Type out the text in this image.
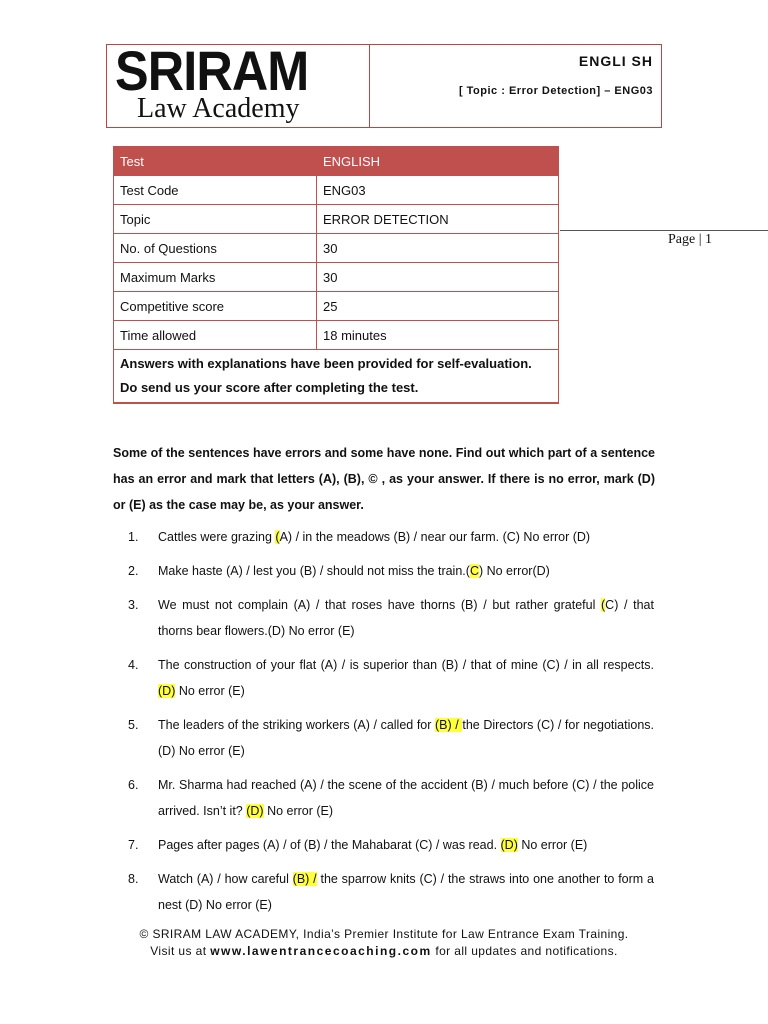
SRIRAM
Law Academy
ENGLI SH
[ Topic : Error Detection] – ENG03
Page | 1
Test	ENGLISH
Test Code	ENG03
Topic	ERROR DETECTION
No. of Questions	30
Maximum Marks	30
Competitive score	25
Time allowed	18 minutes

Answers with explanations have been provided for self-evaluation.
Do send us your score after completing the test.	
Some of the sentences have errors and some have none. Find out which part of a sentence has an error and mark that letters (A), (B), © , as your answer. If there is no error, mark (D) or (E) as the case may be, as your answer.
1.	Cattles were grazing (A) / in the meadows (B) / near our farm. (C) No error (D)
2.	Make haste (A) / lest you (B) / should not miss the train.(C) No error(D)
3.	We must not complain (A) / that roses have thorns (B) / but rather grateful (C) / that thorns bear flowers.(D) No error (E)
4.	The construction of your flat (A) / is superior than (B) / that of mine (C) / in all respects. (D) No error (E)
5.	The leaders of the striking workers (A) / called for (B) / the Directors (C) / for negotiations. (D) No error (E)
6.	Mr. Sharma had reached (A) / the scene of the accident (B) / much before (C) / the police arrived. Isn’t it? (D) No error (E)
7.	Pages after pages (A) / of (B) / the Mahabarat (C) / was read. (D) No error (E)
8.	Watch (A) / how careful (B) / the sparrow knits (C) / the straws into one another to form a nest (D) No error (E)
© SRIRAM LAW ACADEMY, India’s Premier Institute for Law Entrance Exam Training.
Visit us at www.lawentrancecoaching.com for all updates and notifications.
